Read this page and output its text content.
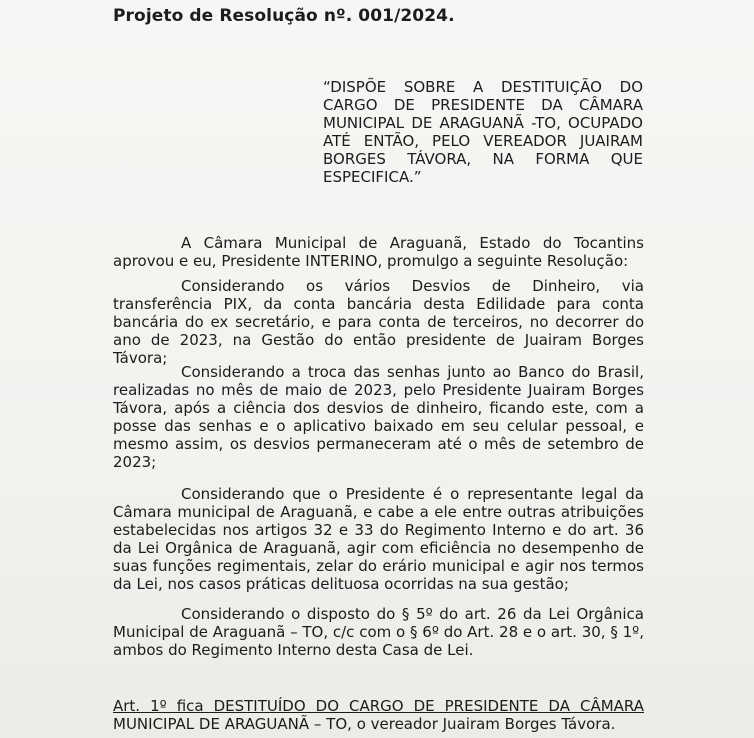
Projeto de Resolução nº. 001/2024.
“DISPÕE SOBRE A DESTITUIÇÃO DO CARGO DE PRESIDENTE DA CÂMARA MUNICIPAL DE ARAGUANÃ -TO, OCUPADO ATÉ ENTÃO, PELO VEREADOR JUAIRAM BORGES TÁVORA, NA FORMA QUE ESPECIFICA.”

A Câmara Municipal de Araguanã, Estado do Tocantins aprovou e eu, Presidente INTERINO, promulgo a seguinte Resolução:

Considerando os vários Desvios de Dinheiro, via transferência PIX, da conta bancária desta Edilidade para conta bancária do ex secretário, e para conta de terceiros, no decorrer do ano de 2023, na Gestão do então presidente de Juairam Borges Távora;

Considerando a troca das senhas junto ao Banco do Brasil, realizadas no mês de maio de 2023, pelo Presidente Juairam Borges Távora, após a ciência dos desvios de dinheiro, ficando este, com a posse das senhas e o aplicativo baixado em seu celular pessoal, e mesmo assim, os desvios permaneceram até o mês de setembro de 2023;

Considerando que o Presidente é o representante legal da Câmara municipal de Araguanã, e cabe a ele entre outras atribuições estabelecidas nos artigos 32 e 33 do Regimento Interno e do art. 36 da Lei Orgânica de Araguanã, agir com eficiência no desempenho de suas funções regimentais, zelar do erário municipal e agir nos termos da Lei, nos casos práticas delituosa ocorridas na sua gestão;

Considerando o disposto do § 5º do art. 26 da Lei Orgânica Municipal de Araguanã – TO, c/c com o § 6º do Art. 28 e o art. 30, § 1º, ambos do Regimento Interno desta Casa de Lei.

Art. 1º fica DESTITUÍDO DO CARGO DE PRESIDENTE DA CÂMARA MUNICIPAL DE ARAGUANÃ – TO, o vereador Juairam Borges Távora.
